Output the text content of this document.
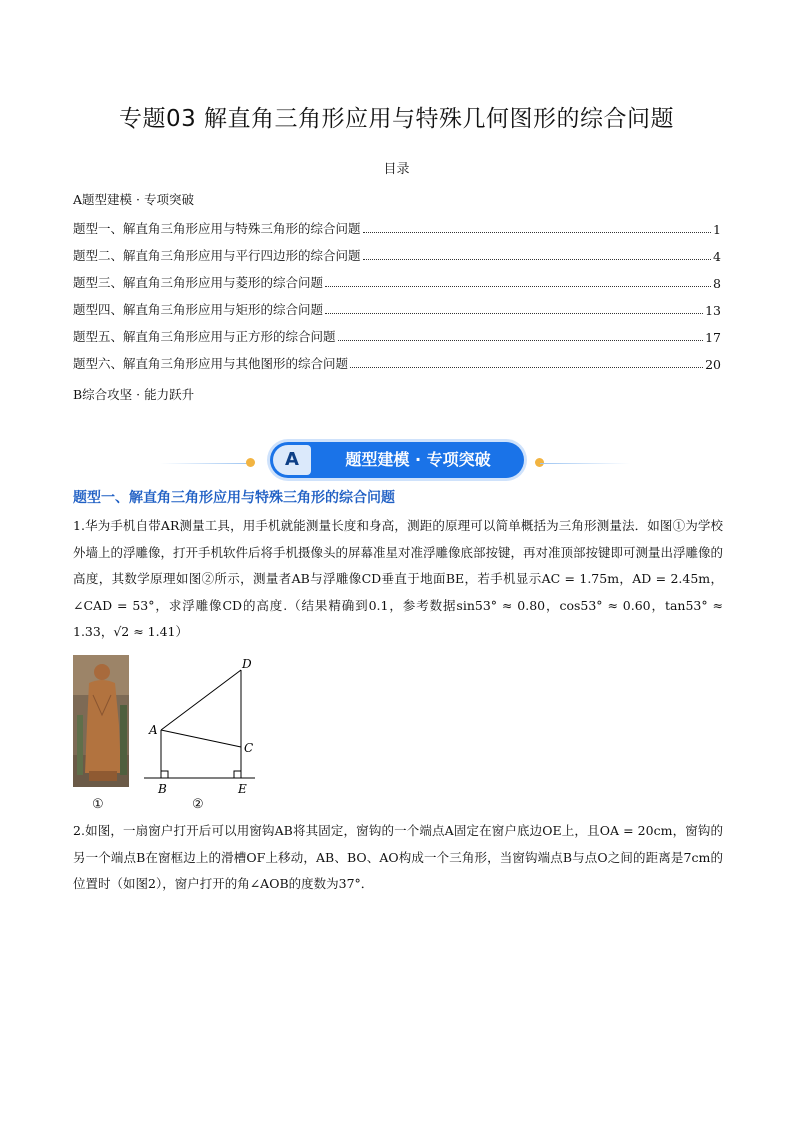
专题03 解直角三角形应用与特殊几何图形的综合问题
目录
A题型建模 · 专项突破
题型一、解直角三角形应用与特殊三角形的综合问题	1
题型二、解直角三角形应用与平行四边形的综合问题	4
题型三、解直角三角形应用与菱形的综合问题	8
题型四、解直角三角形应用与矩形的综合问题	13
题型五、解直角三角形应用与正方形的综合问题	17
题型六、解直角三角形应用与其他图形的综合问题	20
B综合攻坚 · 能力跃升
A	题型建模 · 专项突破
题型一、解直角三角形应用与特殊三角形的综合问题
1.华为手机自带AR测量工具，用手机就能测量长度和身高，测距的原理可以简单概括为三角形测量法．如图①为学校外墙上的浮雕像，打开手机软件后将手机摄像头的屏幕准星对准浮雕像底部按键，再对准顶部按键即可测量出浮雕像的高度，其数学原理如图②所示，测量者AB与浮雕像CD垂直于地面BE，若手机显示AC = 1.75m，AD = 2.45m，∠CAD = 53°，求浮雕像CD的高度.（结果精确到0.1，参考数据sin53° ≈ 0.80，cos53° ≈ 0.60，tan53° ≈ 1.33，√2 ≈ 1.41）
D
A
C
B	E
①	②
2.如图，一扇窗户打开后可以用窗钩AB将其固定，窗钩的一个端点A固定在窗户底边OE上，且OA = 20cm，窗钩的另一个端点B在窗框边上的滑槽OF上移动，AB、BO、AO构成一个三角形，当窗钩端点B与点O之间的距离是7cm的位置时（如图2），窗户打开的角∠AOB的度数为37°．
